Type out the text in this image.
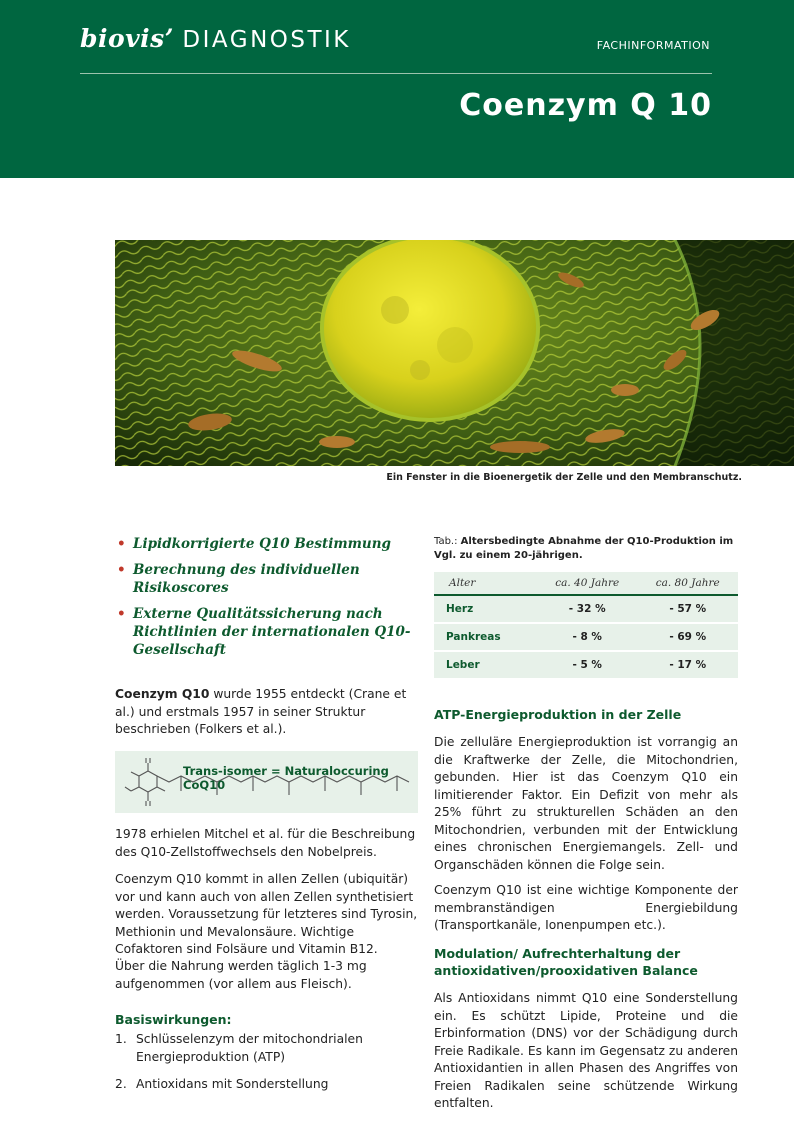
biovis’ DIAGNOSTIK	FACHINFORMATION
Coenzym Q 10
Ein Fenster in die Bioenergetik der Zelle und den Membranschutz.
• Lipidkorrigierte Q10 Bestimmung
• Berechnung des individuellen Risikoscores
• Externe Qualitätssicherung nach Richtlinien der internationalen Q10-Gesellschaft
Coenzym Q10 wurde 1955 entdeckt (Crane et al.) und erstmals 1957 in seiner Struktur beschrieben (Folkers et al.).
Trans-isomer = Naturaloccuring CoQ10
1978 erhielen Mitchel et al. für die Beschreibung des Q10-Zellstoffwechsels den Nobelpreis.
Coenzym Q10 kommt in allen Zellen (ubiquitär) vor und kann auch von allen Zellen synthetisiert werden. Voraussetzung für letzteres sind Tyrosin, Methionin und Mevalonsäure. Wichtige Cofaktoren sind Folsäure und Vitamin B12.
Über die Nahrung werden täglich 1-3 mg aufgenommen (vor allem aus Fleisch).
Basiswirkungen:
1. Schlüsselenzym der mitochondrialen Energieproduktion (ATP)
2. Antioxidans mit Sonderstellung
Tab.: Altersbedingte Abnahme der Q10-Produktion im Vgl. zu einem 20-jährigen.
Alter	ca. 40 Jahre	ca. 80 Jahre
Herz	- 32 %	- 57 %
Pankreas	- 8 %	- 69 %
Leber	- 5 %	- 17 %
ATP-Energieproduktion in der Zelle
Die zelluläre Energieproduktion ist vorrangig an die Kraftwerke der Zelle, die Mitochondrien, gebunden. Hier ist das Coenzym Q10 ein limitierender Faktor. Ein Defizit von mehr als 25% führt zu strukturellen Schäden an den Mitochondrien, verbunden mit der Entwicklung eines chronischen Energiemangels. Zell- und Organschäden können die Folge sein.
Coenzym Q10 ist eine wichtige Komponente der membranständigen Energiebildung (Transportkanäle, Ionenpumpen etc.).
Modulation/ Aufrechterhaltung der antioxidativen/prooxidativen Balance
Als Antioxidans nimmt Q10 eine Sonderstellung ein. Es schützt Lipide, Proteine und die Erbinformation (DNS) vor der Schädigung durch Freie Radikale. Es kann im Gegensatz zu anderen Antioxidantien in allen Phasen des Angriffes von Freien Radikalen seine schützende Wirkung entfalten.
